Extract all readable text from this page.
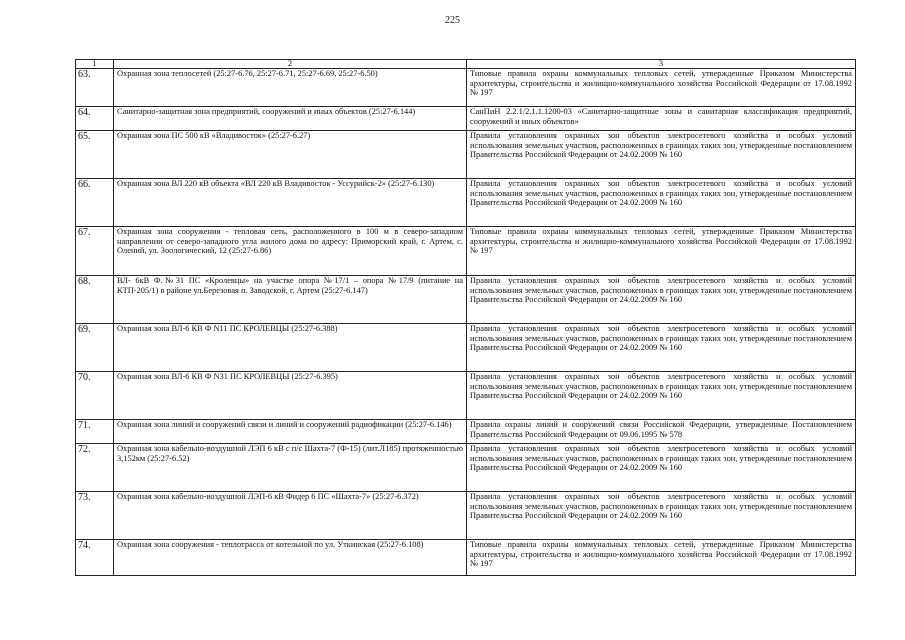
225
1	2	3
63.	Охранная зона теплосетей (25:27-6.76, 25:27-6.71, 25:27-6.69, 25:27-6.50)	Типовые правила охраны коммунальных тепловых сетей, утвержденные Приказом Министерства архитектуры, строительства и жилищно-коммунального хозяйства Российской Федерации от 17.08.1992 № 197
64.	Санитарно-защитная зона предприятий, сооружений и иных объектов (25:27-6.144)	СанПиН 2.2.1/2.1.1.1200-03 «Санитарно-защитные зоны и санитарная классификация предприятий, сооружений и иных объектов»
65.	Охранная зона ПС 500 кВ «Владивосток» (25:27-6.27)	Правила установления охранных зон объектов электросетевого хозяйства и особых условий использования земельных участков, расположенных в границах таких зон, утвержденные постановлением Правительства Российской Федерации от 24.02.2009 № 160
66.	Охранная зона ВЛ 220 кВ объекта «ВЛ 220 кВ Владивосток - Уссурийск-2» (25:27-6.130)	Правила установления охранных зон объектов электросетевого хозяйства и особых условий использования земельных участков, расположенных в границах таких зон, утвержденные постановлением Правительства Российской Федерации от 24.02.2009 № 160
67.	Охранная зона сооружения - тепловая сеть, расположенного в 100 м в северо-западном направлении от северо-западного угла жилого дома по адресу: Приморский край, г. Артем, с. Олений, ул. Зоологический, 12 (25:27-6.86)	Типовые правила охраны коммунальных тепловых сетей, утвержденные Приказом Министерства архитектуры, строительства и жилищно-коммунального хозяйства Российской Федерации от 17.08.1992 № 197
68.	ВЛ- 6кВ Ф.№31 ПС «Кролевцы» на участке опора №17/1 – опора №17/9 (питание на КТП-205/1) в районе ул.Березовая п. Заводской, г. Артем (25:27-6.147)	Правила установления охранных зон объектов электросетевого хозяйства и особых условий использования земельных участков, расположенных в границах таких зон, утвержденные постановлением Правительства Российской Федерации от 24.02.2009 № 160
69.	Охранная зона ВЛ-6 КВ Ф N11 ПС КРОЛЕВЦЫ (25:27-6.388)	Правила установления охранных зон объектов электросетевого хозяйства и особых условий использования земельных участков, расположенных в границах таких зон, утвержденные постановлением Правительства Российской Федерации от 24.02.2009 № 160
70.	Охранная зона ВЛ-6 КВ Ф N31 ПС КРОЛЕВЦЫ (25:27-6.395)	Правила установления охранных зон объектов электросетевого хозяйства и особых условий использования земельных участков, расположенных в границах таких зон, утвержденные постановлением Правительства Российской Федерации от 24.02.2009 № 160
71.	Охранная зона линий и сооружений связи и линий и сооружений радиофикации (25:27-6.146)	Правила охраны линий и сооружений связи Российской Федерации, утвержденные Постановлением Правительства Российской Федерации от 09.06.1995 № 578
72.	Охранная зона кабельно-воздушной ЛЭП 6 кВ с п/с Шахта-7 (Ф-15) (лит.Л185) протяженностью 3,152км (25:27-6.52)	Правила установления охранных зон объектов электросетевого хозяйства и особых условий использования земельных участков, расположенных в границах таких зон, утвержденные постановлением Правительства Российской Федерации от 24.02.2009 № 160
73.	Охранная зона кабельно-воздушной ЛЭП-6 кВ Фидер 6 ПС «Шахта-7» (25:27-6.372)	Правила установления охранных зон объектов электросетевого хозяйства и особых условий использования земельных участков, расположенных в границах таких зон, утвержденные постановлением Правительства Российской Федерации от 24.02.2009 № 160
74.	Охранная зона сооружения - теплотрасса от котельной по ул. Уткинская (25:27-6.108)	Типовые правила охраны коммунальных тепловых сетей, утвержденные Приказом Министерства архитектуры, строительства и жилищно-коммунального хозяйства Российской Федерации от 17.08.1992 № 197
